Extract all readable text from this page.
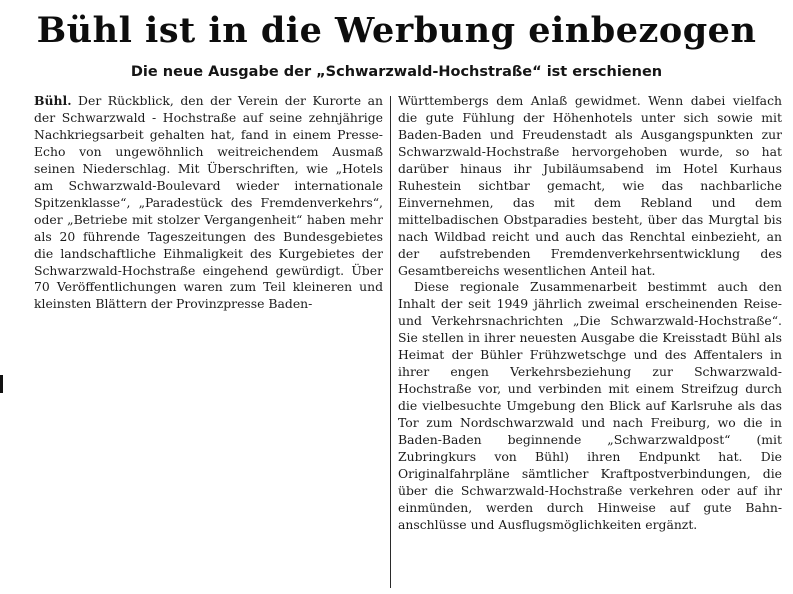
Bühl ist in die Werbung einbezogen
Die neue Ausgabe der „Schwarzwald-Hochstraße“ ist erschienen

Bühl. Der Rückblick, den der Verein der Kurorte an der Schwarzwald - Hochstraße auf seine zehnjährige Nachkriegsarbeit gehalten hat, fand in einem Presse-Echo von ungewöhnlich weitreichendem Ausmaß seinen Niederschlag. Mit Überschriften, wie „Hotels am Schwarzwald-Boulevard wieder internationale Spitzenklasse“, „Paradestück des Fremdenverkehrs“, oder „Betriebe mit stolzer Vergangenheit“ haben mehr als 20 führende Tageszeitungen des Bundesgebietes die landschaftliche Eihmaligkeit des Kurgebietes der Schwarzwald-Hochstraße eingehend gewürdigt. Über 70 Veröffentlichungen waren zum Teil kleineren und kleinsten Blättern der Provinzpresse Baden-

Württembergs dem Anlaß gewidmet. Wenn dabei vielfach die gute Fühlung der Höhenhotels unter sich sowie mit Baden-Baden und Freudenstadt als Ausgangspunkten zur Schwarzwald-Hochstraße hervorgehoben wurde, so hat darüber hinaus ihr Jubiläumsabend im Hotel Kurhaus Ruhestein sichtbar gemacht, wie das nachbarliche Einvernehmen, das mit dem Rebland und dem mittelbadischen Obstparadies besteht, über das Murgtal bis nach Wildbad reicht und auch das Renchtal einbezieht, an der aufstrebenden Fremdenverkehrsentwicklung des Gesamtbereichs wesentlichen Anteil hat.

Diese regionale Zusammenarbeit bestimmt auch den Inhalt der seit 1949 jährlich zweimal erscheinenden Reise- und Verkehrsnachrichten „Die Schwarzwald-Hochstraße“. Sie stellen in ihrer neuesten Ausgabe die Kreisstadt Bühl als Heimat der Bühler Frühzwetschge und des Affentalers in ihrer engen Verkehrsbeziehung zur Schwarzwald-Hochstraße vor, und verbinden mit einem Streifzug durch die vielbesuchte Umgebung den Blick auf Karlsruhe als das Tor zum Nordschwarzwald und nach Freiburg, wo die in Baden-Baden beginnende „Schwarzwaldpost“ (mit Zubringkurs von Bühl) ihren Endpunkt hat. Die Originalfahrpläne sämtlicher Kraftpostverbindungen, die über die Schwarzwald-Hochstraße verkehren oder auf ihr einmünden, werden durch Hinweise auf gute Bahnanschlüsse und Ausflugsmöglichkeiten ergänzt.
